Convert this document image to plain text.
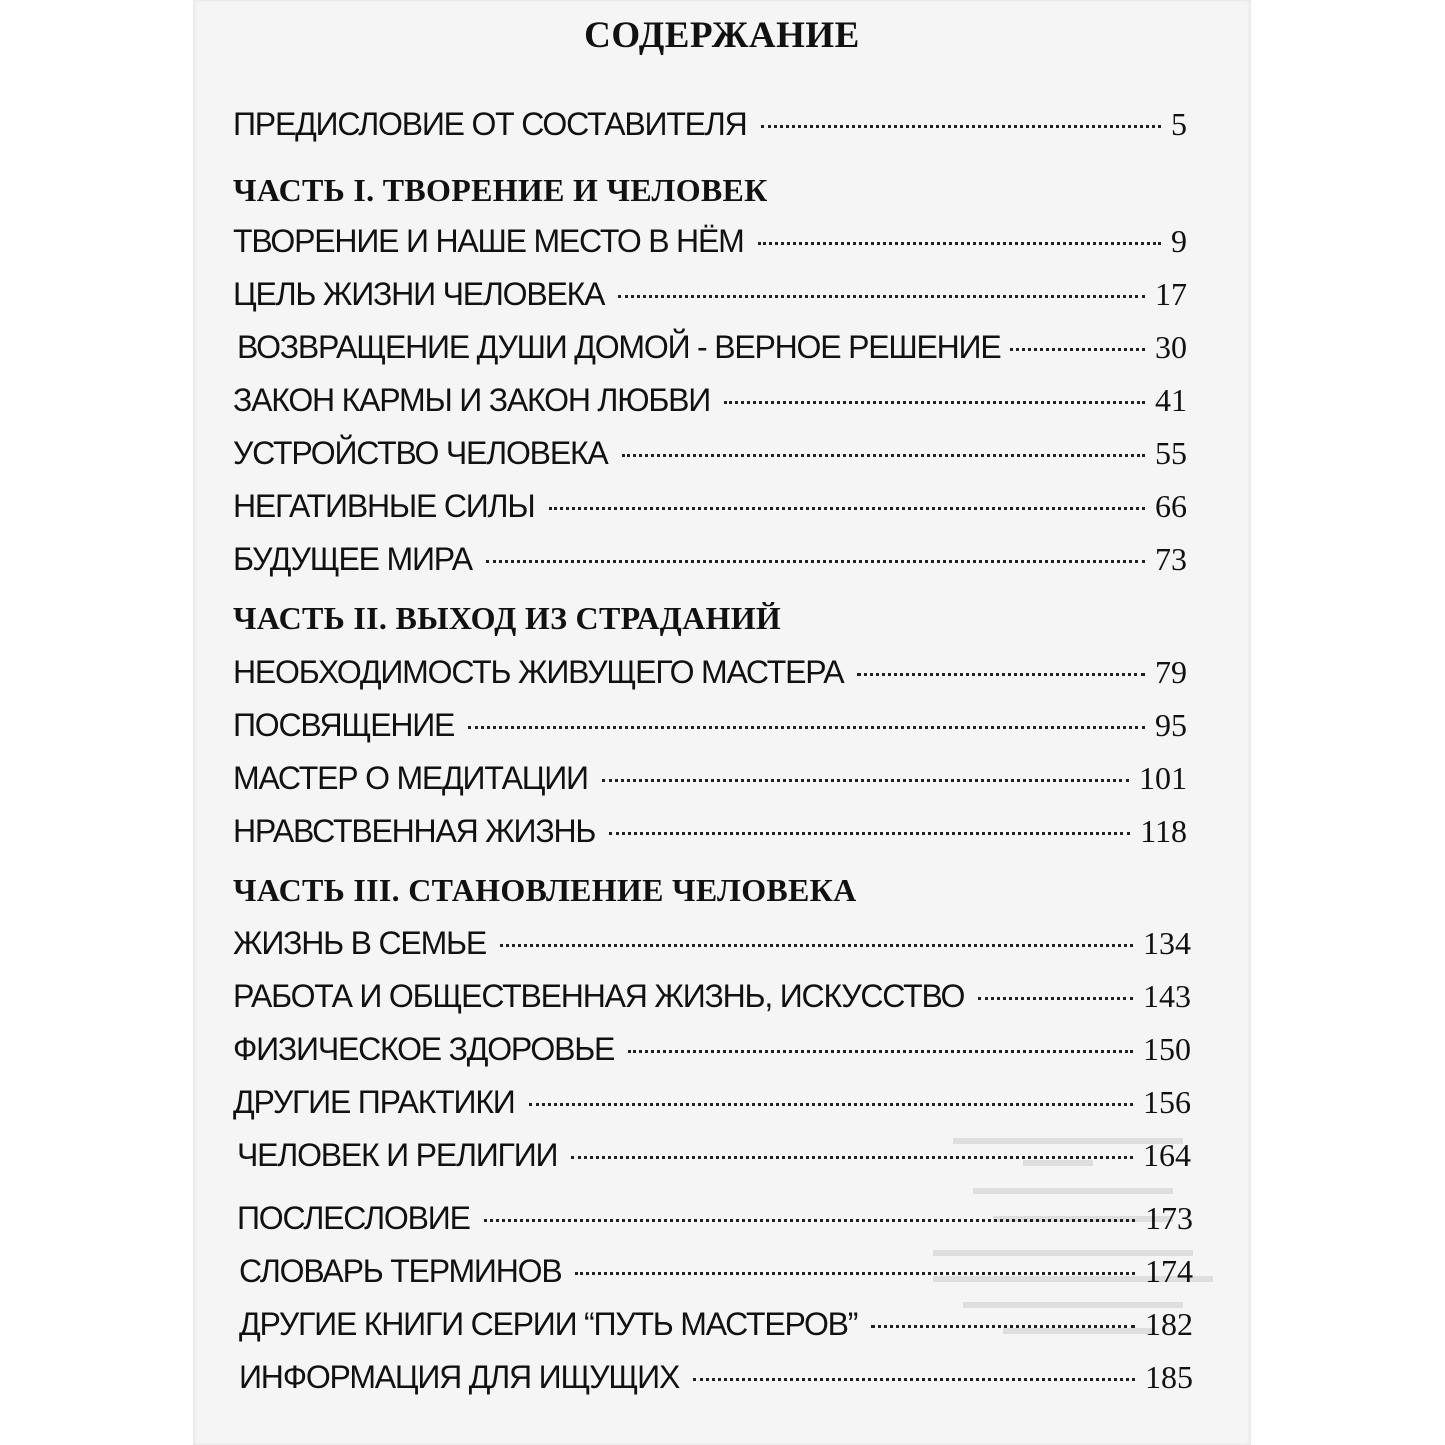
СОДЕРЖАНИЕ
ПРЕДИСЛОВИЕ ОТ СОСТАВИТЕЛЯ	5
ЧАСТЬ I. ТВОРЕНИЕ И ЧЕЛОВЕК
ТВОРЕНИЕ И НАШЕ МЕСТО В НЁМ	9
ЦЕЛЬ ЖИЗНИ ЧЕЛОВЕКА	17
ВОЗВРАЩЕНИЕ ДУШИ ДОМОЙ - ВЕРНОЕ РЕШЕНИЕ	30
ЗАКОН КАРМЫ И ЗАКОН ЛЮБВИ	41
УСТРОЙСТВО ЧЕЛОВЕКА	55
НЕГАТИВНЫЕ СИЛЫ	66
БУДУЩЕЕ МИРА	73
ЧАСТЬ II. ВЫХОД ИЗ СТРАДАНИЙ
НЕОБХОДИМОСТЬ ЖИВУЩЕГО МАСТЕРА	79
ПОСВЯЩЕНИЕ	95
МАСТЕР О МЕДИТАЦИИ	101
НРАВСТВЕННАЯ ЖИЗНЬ	118
ЧАСТЬ III. СТАНОВЛЕНИЕ ЧЕЛОВЕКА
ЖИЗНЬ В СЕМЬЕ	134
РАБОТА И ОБЩЕСТВЕННАЯ ЖИЗНЬ, ИСКУССТВО	143
ФИЗИЧЕСКОЕ ЗДОРОВЬЕ	150
ДРУГИЕ ПРАКТИКИ	156
ЧЕЛОВЕК И РЕЛИГИИ	164
ПОСЛЕСЛОВИЕ	173
СЛОВАРЬ ТЕРМИНОВ	174
ДРУГИЕ КНИГИ СЕРИИ “ПУТЬ МАСТЕРОВ”	182
ИНФОРМАЦИЯ ДЛЯ ИЩУЩИХ	185
